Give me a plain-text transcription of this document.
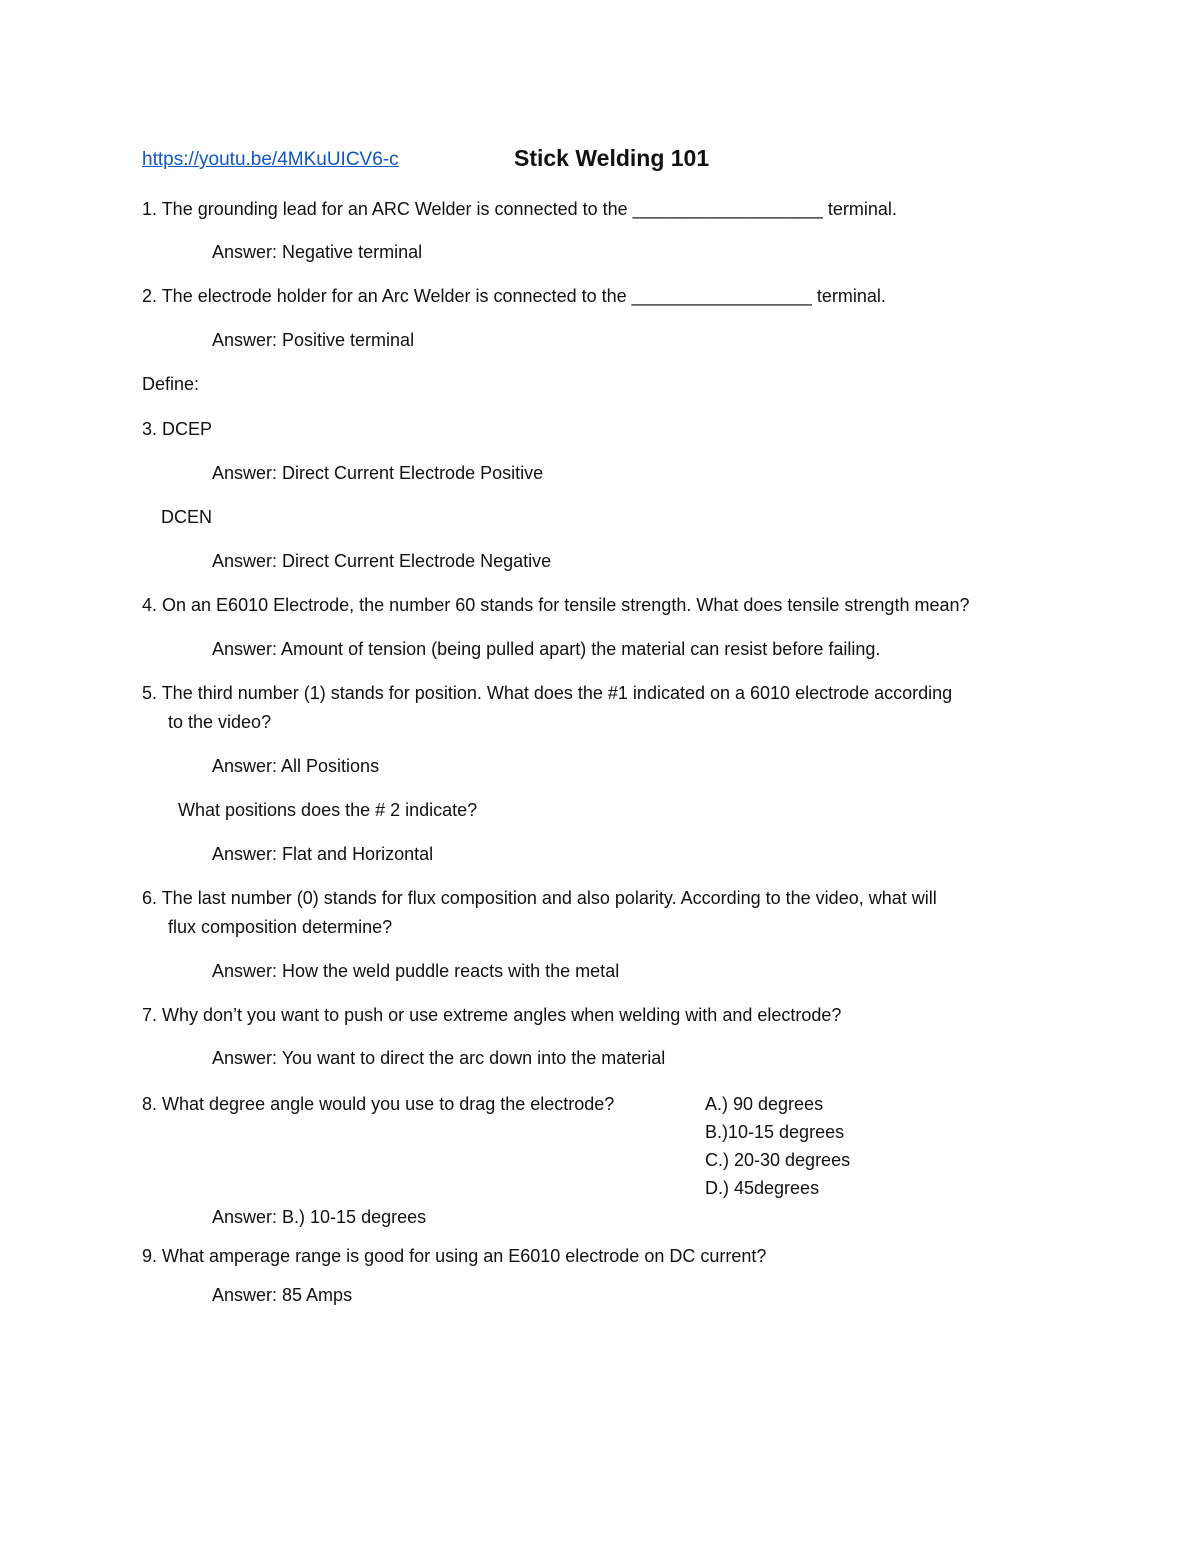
https://youtu.be/4MKuUICV6-c	Stick Welding 101
1. The grounding lead for an ARC Welder is connected to the ___________________ terminal.
Answer: Negative terminal
2. The electrode holder for an Arc Welder is connected to the __________________ terminal.
Answer: Positive terminal
Define:
3. DCEP
Answer: Direct Current Electrode Positive
DCEN
Answer: Direct Current Electrode Negative
4. On an E6010 Electrode, the number 60 stands for tensile strength. What does tensile strength mean?
Answer: Amount of tension (being pulled apart) the material can resist before failing.
5. The third number (1) stands for position. What does the #1 indicated on a 6010 electrode according
to the video?
Answer: All Positions
What positions does the # 2 indicate?
Answer: Flat and Horizontal
6. The last number (0) stands for flux composition and also polarity. According to the video, what will
flux composition determine?
Answer: How the weld puddle reacts with the metal
7. Why don’t you want to push or use extreme angles when welding with and electrode?
Answer: You want to direct the arc down into the material
8. What degree angle would you use to drag the electrode?	A.) 90 degrees
B.)10-15 degrees
C.) 20-30 degrees
D.) 45degrees
Answer: B.) 10-15 degrees
9. What amperage range is good for using an E6010 electrode on DC current?
Answer: 85 Amps
